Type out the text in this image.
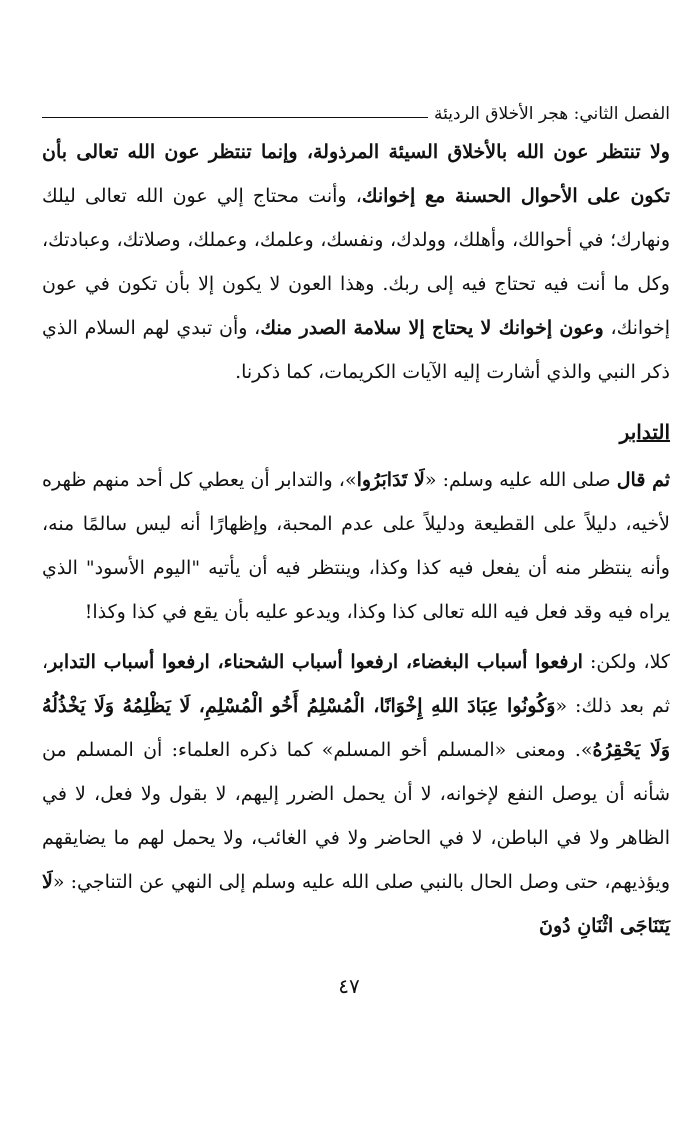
الفصل الثاني: هجر الأخلاق الرديئة

ولا تنتظر عون الله بالأخلاق السيئة المرذولة، وإنما تنتظر عون الله تعالى بأن تكون على الأحوال الحسنة مع إخوانك، وأنت محتاج إلي عون الله تعالى ليلك ونهارك؛ في أحوالك، وأهلك، وولدك، ونفسك، وعلمك، وعملك، وصلاتك، وعبادتك، وكل ما أنت فيه تحتاج فيه إلى ربك. وهذا العون لا يكون إلا بأن تكون في عون إخوانك، وعون إخوانك لا يحتاج إلا سلامة الصدر منك، وأن تبدي لهم السلام الذي ذكر النبي والذي أشارت إليه الآيات الكريمات، كما ذكرنا.

التدابر

ثم قال صلى الله عليه وسلم: «لَا تَدَابَرُوا»، والتدابر أن يعطي كل أحد منهم ظهره لأخيه، دليلاً على القطيعة ودليلاً على عدم المحبة، وإظهارًا أنه ليس سالمًا منه، وأنه ينتظر منه أن يفعل فيه كذا وكذا، وينتظر فيه أن يأتيه "اليوم الأسود" الذي يراه فيه وقد فعل فيه الله تعالى كذا وكذا، ويدعو عليه بأن يقع في كذا وكذا!

كلا، ولكن: ارفعوا أسباب البغضاء، ارفعوا أسباب الشحناء، ارفعوا أسباب التدابر، ثم بعد ذلك: «وَكُونُوا عِبَادَ اللهِ إِخْوَانًا، الْمُسْلِمُ أَخُو الْمُسْلِمِ، لَا يَظْلِمُهُ وَلَا يَخْذُلُهُ وَلَا يَحْقِرُهُ». ومعنى «المسلم أخو المسلم» كما ذكره العلماء: أن المسلم من شأنه أن يوصل النفع لإخوانه، لا أن يحمل الضرر إليهم، لا بقول ولا فعل، لا في الظاهر ولا في الباطن، لا في الحاضر ولا في الغائب، ولا يحمل لهم ما يضايقهم ويؤذيهم، حتى وصل الحال بالنبي صلى الله عليه وسلم إلى النهي عن التناجي: «لَا يَتَنَاجَى اثْنَانِ دُونَ

٤٧
